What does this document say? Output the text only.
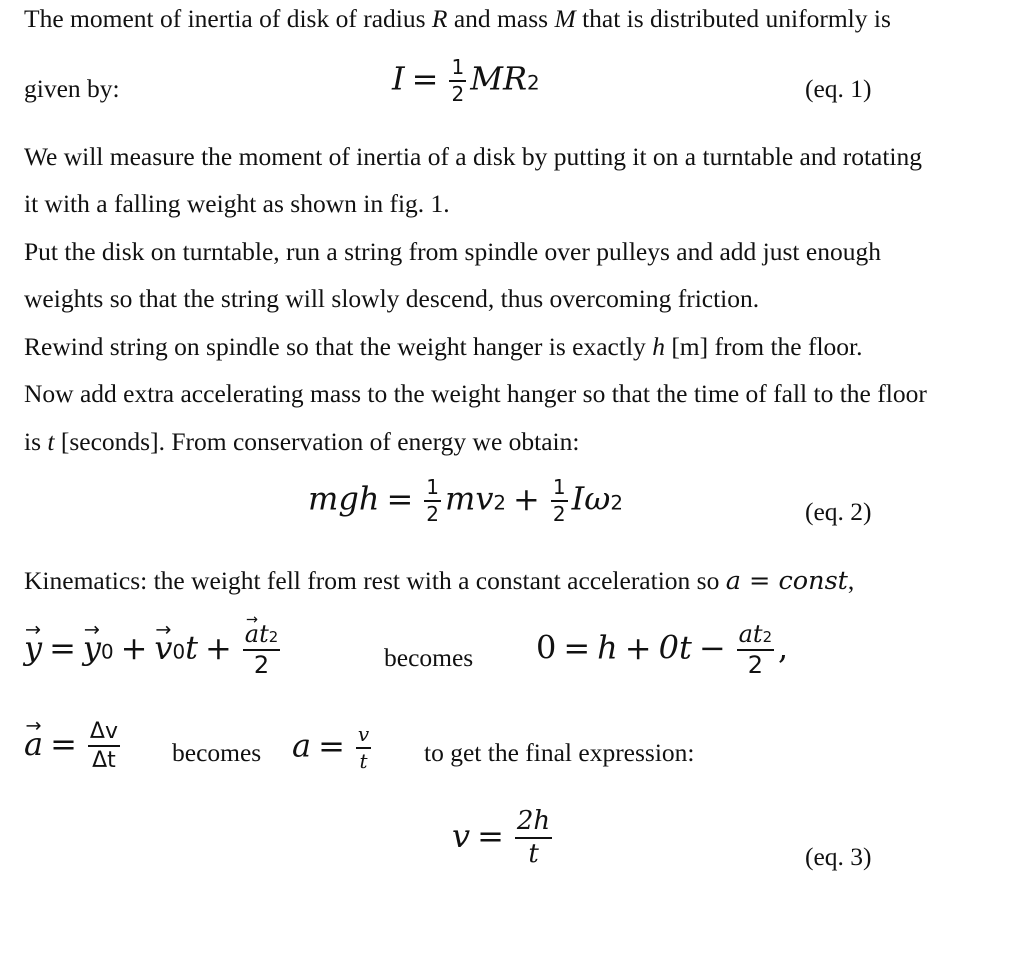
The moment of inertia of disk of radius R and mass M that is distributed uniformly is
given by:	$I = \frac{1}{2} MR^2$	(eq. 1)
We will measure the moment of inertia of a disk by putting it on a turntable and rotating
it with a falling weight as shown in fig. 1.
Put the disk on turntable, run a string from spindle over pulleys and add just enough
weights so that the string will slowly descend, thus overcoming friction.
Rewind string on spindle so that the weight hanger is exactly h [m] from the floor.
Now add extra accelerating mass to the weight hanger so that the time of fall to the floor
is t [seconds]. From conservation of energy we obtain:
mgh = $\frac{1}{2} mv^2 + \frac{1}{2} I\omega^2$	(eq. 2)
Kinematics: the weight fell from rest with a constant acceleration so a = const,
→ $y =\to y_0 +\to v_0t$ +
→ $\frac{at^2}{2}$	becomes $0 = h + 0t - \frac{at^2}{2}$ ,
→ $a = \frac{\Delta v}{\Delta t}$ becomes $a = \frac{v}{t}$ to get the final expression:
$v = \frac{2h}{t}$	(eq. 3)
